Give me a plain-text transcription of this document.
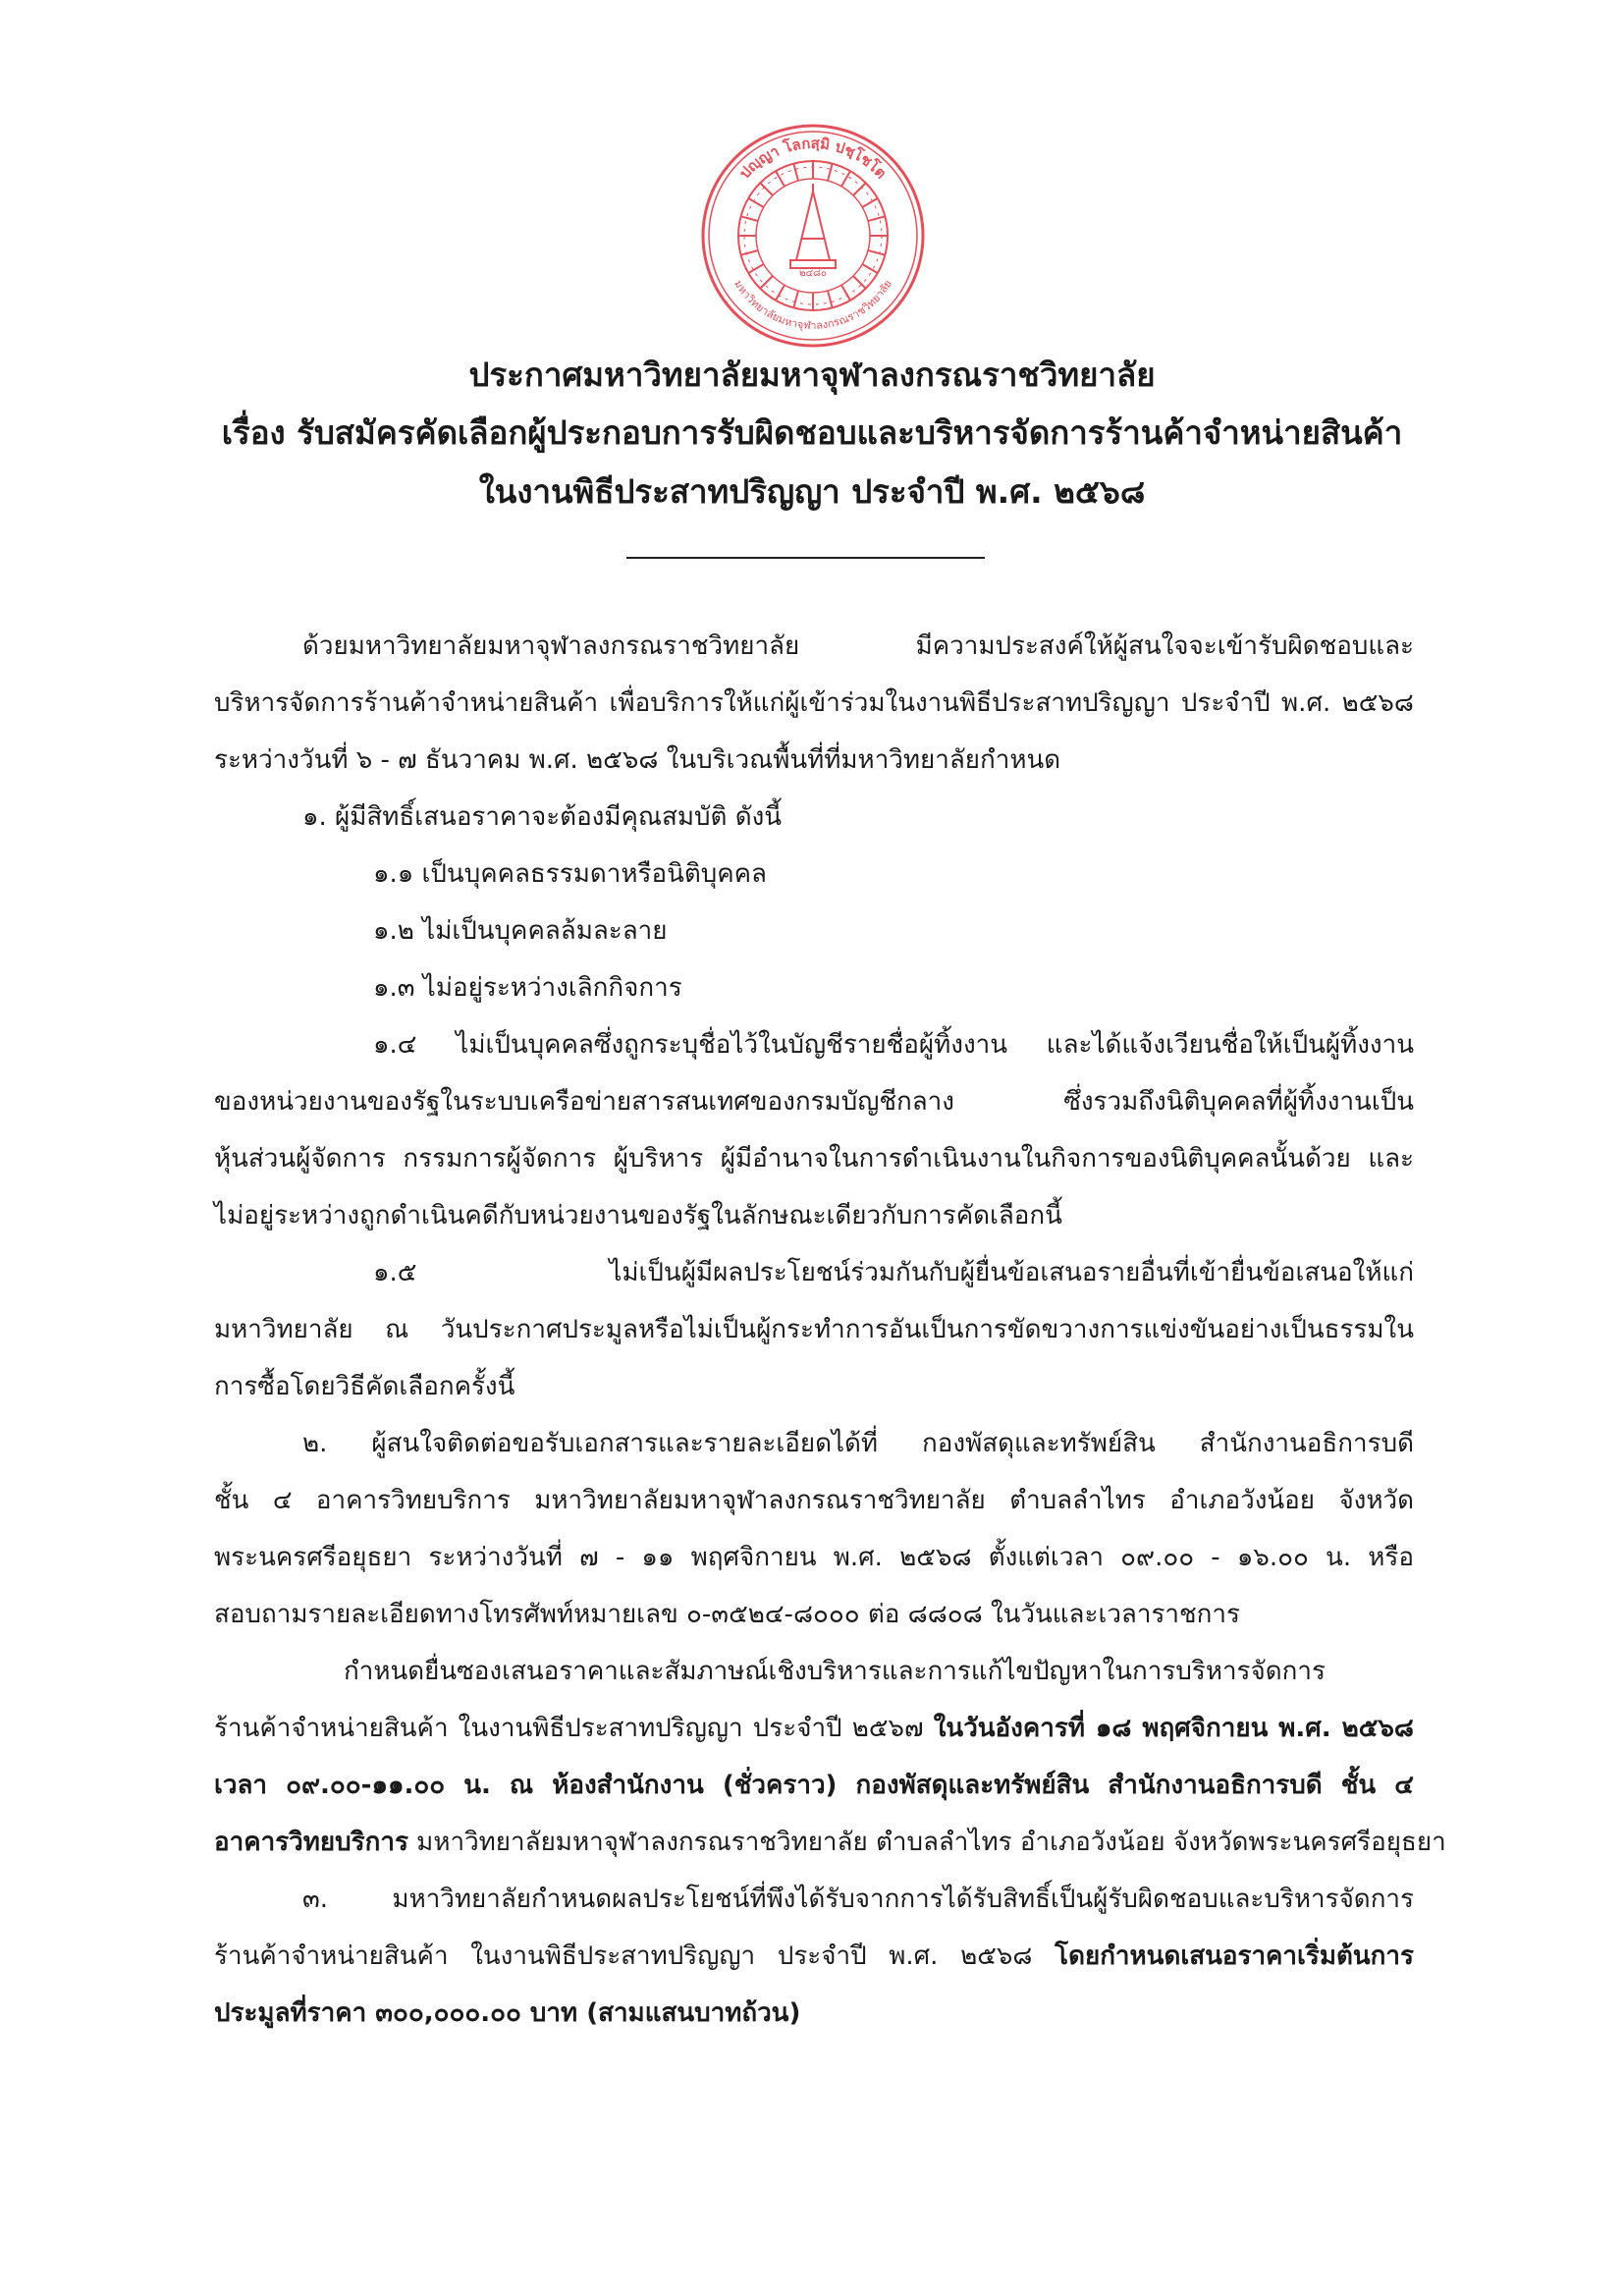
๒๔๘๐
ปญฺญา โลกสฺมิ ปชฺโชโต
มหาวิทยาลัยมหาจุฬาลงกรณราชวิทยาลัย
ประกาศมหาวิทยาลัยมหาจุฬาลงกรณราชวิทยาลัย
เรื่อง รับสมัครคัดเลือกผู้ประกอบการรับผิดชอบและบริหารจัดการร้านค้าจำหน่ายสินค้า
ในงานพิธีประสาทปริญญา ประจำปี พ.ศ. ๒๕๖๘
ด้วยมหาวิทยาลัยมหาจุฬาลงกรณราชวิทยาลัย มีความประสงค์ให้ผู้สนใจจะเข้ารับผิดชอบและ
บริหารจัดการร้านค้าจำหน่ายสินค้า เพื่อบริการให้แก่ผู้เข้าร่วมในงานพิธีประสาทปริญญา ประจำปี พ.ศ. ๒๕๖๘
ระหว่างวันที่ ๖ - ๗ ธันวาคม พ.ศ. ๒๕๖๘ ในบริเวณพื้นที่ที่มหาวิทยาลัยกำหนด
๑. ผู้มีสิทธิ์เสนอราคาจะต้องมีคุณสมบัติ ดังนี้
๑.๑ เป็นบุคคลธรรมดาหรือนิติบุคคล
๑.๒ ไม่เป็นบุคคลล้มละลาย
๑.๓ ไม่อยู่ระหว่างเลิกกิจการ
๑.๔ ไม่เป็นบุคคลซึ่งถูกระบุชื่อไว้ในบัญชีรายชื่อผู้ทิ้งงาน และได้แจ้งเวียนชื่อให้เป็นผู้ทิ้งงาน
ของหน่วยงานของรัฐในระบบเครือข่ายสารสนเทศของกรมบัญชีกลาง ซึ่งรวมถึงนิติบุคคลที่ผู้ทิ้งงานเป็น
หุ้นส่วนผู้จัดการ กรรมการผู้จัดการ ผู้บริหาร ผู้มีอำนาจในการดำเนินงานในกิจการของนิติบุคคลนั้นด้วย และ
ไม่อยู่ระหว่างถูกดำเนินคดีกับหน่วยงานของรัฐในลักษณะเดียวกับการคัดเลือกนี้
๑.๕ ไม่เป็นผู้มีผลประโยชน์ร่วมกันกับผู้ยื่นข้อเสนอรายอื่นที่เข้ายื่นข้อเสนอให้แก่
มหาวิทยาลัย ณ วันประกาศประมูลหรือไม่เป็นผู้กระทำการอันเป็นการขัดขวางการแข่งขันอย่างเป็นธรรมใน
การซื้อโดยวิธีคัดเลือกครั้งนี้
๒. ผู้สนใจติดต่อขอรับเอกสารและรายละเอียดได้ที่ กองพัสดุและทรัพย์สิน สำนักงานอธิการบดี
ชั้น ๔ อาคารวิทยบริการ มหาวิทยาลัยมหาจุฬาลงกรณราชวิทยาลัย ตำบลลำไทร อำเภอวังน้อย จังหวัด
พระนครศรีอยุธยา ระหว่างวันที่ ๗ - ๑๑ พฤศจิกายน พ.ศ. ๒๕๖๘ ตั้งแต่เวลา ๐๙.๐๐ - ๑๖.๐๐ น. หรือ
สอบถามรายละเอียดทางโทรศัพท์หมายเลข ๐-๓๕๒๔-๘๐๐๐ ต่อ ๘๘๐๘ ในวันและเวลาราชการ
กำหนดยื่นซองเสนอราคาและสัมภาษณ์เชิงบริหารและการแก้ไขปัญหาในการบริหารจัดการ
ร้านค้าจำหน่ายสินค้า ในงานพิธีประสาทปริญญา ประจำปี ๒๕๖๗ ในวันอังคารที่ ๑๘ พฤศจิกายน พ.ศ. ๒๕๖๘
เวลา ๐๙.๐๐-๑๑.๐๐ น. ณ ห้องสำนักงาน (ชั่วคราว) กองพัสดุและทรัพย์สิน สำนักงานอธิการบดี ชั้น ๔
อาคารวิทยบริการ มหาวิทยาลัยมหาจุฬาลงกรณราชวิทยาลัย ตำบลลำไทร อำเภอวังน้อย จังหวัดพระนครศรีอยุธยา
๓. มหาวิทยาลัยกำหนดผลประโยชน์ที่พึงได้รับจากการได้รับสิทธิ์เป็นผู้รับผิดชอบและบริหารจัดการ
ร้านค้าจำหน่ายสินค้า ในงานพิธีประสาทปริญญา ประจำปี พ.ศ. ๒๕๖๘ โดยกำหนดเสนอราคาเริ่มต้นการ
ประมูลที่ราคา ๓๐๐,๐๐๐.๐๐ บาท (สามแสนบาทถ้วน)
